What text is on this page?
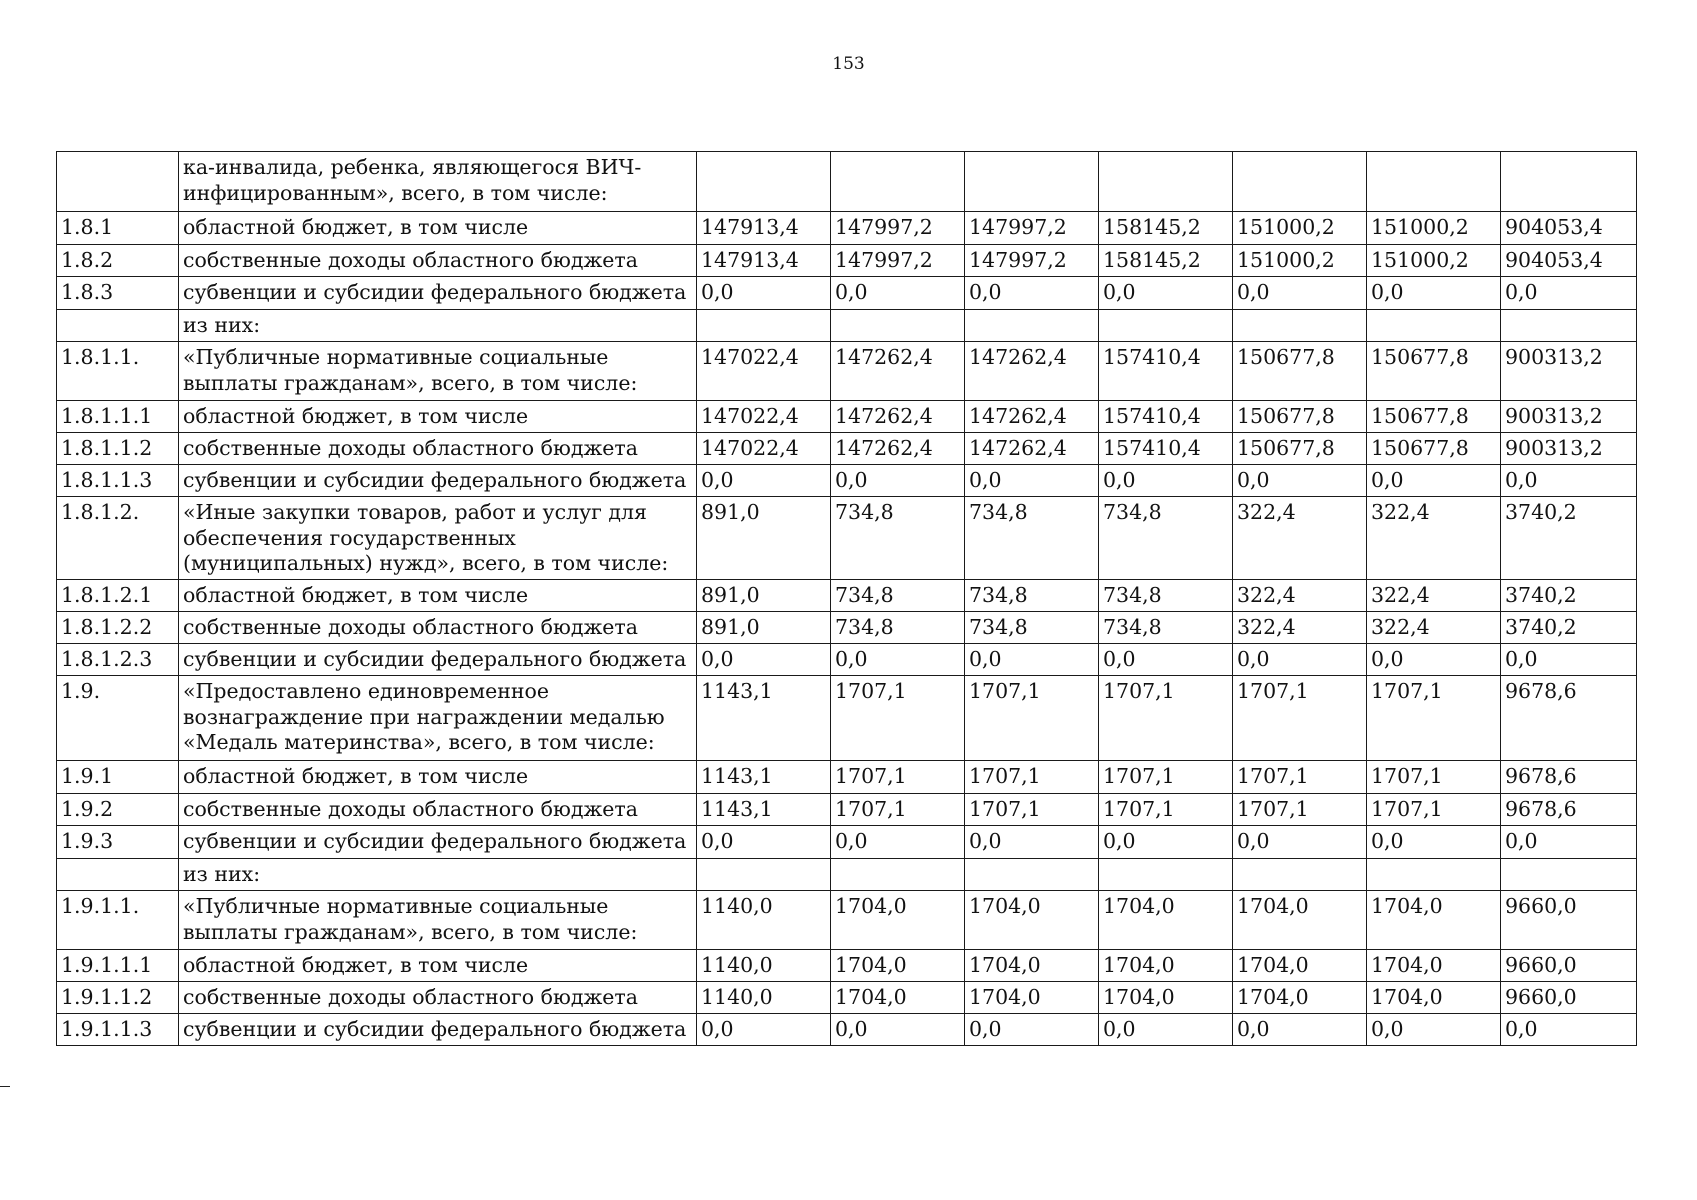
153
	ка-инвалида, ребенка, являющегося ВИЧ-инфицированным», всего, в том числе:							
1.8.1	областной бюджет, в том числе	147913,4	147997,2	147997,2	158145,2	151000,2	151000,2	904053,4
1.8.2	собственные доходы областного бюджета	147913,4	147997,2	147997,2	158145,2	151000,2	151000,2	904053,4
1.8.3	субвенции и субсидии федерального бюджета	0,0	0,0	0,0	0,0	0,0	0,0	0,0
	из них:							
1.8.1.1.	«Публичные нормативные социальные выплаты гражданам», всего, в том числе:	147022,4	147262,4	147262,4	157410,4	150677,8	150677,8	900313,2
1.8.1.1.1	областной бюджет, в том числе	147022,4	147262,4	147262,4	157410,4	150677,8	150677,8	900313,2
1.8.1.1.2	собственные доходы областного бюджета	147022,4	147262,4	147262,4	157410,4	150677,8	150677,8	900313,2
1.8.1.1.3	субвенции и субсидии федерального бюджета	0,0	0,0	0,0	0,0	0,0	0,0	0,0
1.8.1.2.	«Иные закупки товаров, работ и услуг для обеспечения государственных (муниципальных) нужд», всего, в том числе:	891,0	734,8	734,8	734,8	322,4	322,4	3740,2
1.8.1.2.1	областной бюджет, в том числе	891,0	734,8	734,8	734,8	322,4	322,4	3740,2
1.8.1.2.2	собственные доходы областного бюджета	891,0	734,8	734,8	734,8	322,4	322,4	3740,2
1.8.1.2.3	субвенции и субсидии федерального бюджета	0,0	0,0	0,0	0,0	0,0	0,0	0,0
1.9.	«Предоставлено единовременное вознаграждение при награждении медалью «Медаль материнства», всего, в том числе:	1143,1	1707,1	1707,1	1707,1	1707,1	1707,1	9678,6
1.9.1	областной бюджет, в том числе	1143,1	1707,1	1707,1	1707,1	1707,1	1707,1	9678,6
1.9.2	собственные доходы областного бюджета	1143,1	1707,1	1707,1	1707,1	1707,1	1707,1	9678,6
1.9.3	субвенции и субсидии федерального бюджета	0,0	0,0	0,0	0,0	0,0	0,0	0,0
	из них:							
1.9.1.1.	«Публичные нормативные социальные выплаты гражданам», всего, в том числе:	1140,0	1704,0	1704,0	1704,0	1704,0	1704,0	9660,0
1.9.1.1.1	областной бюджет, в том числе	1140,0	1704,0	1704,0	1704,0	1704,0	1704,0	9660,0
1.9.1.1.2	собственные доходы областного бюджета	1140,0	1704,0	1704,0	1704,0	1704,0	1704,0	9660,0
1.9.1.1.3	субвенции и субсидии федерального бюджета	0,0	0,0	0,0	0,0	0,0	0,0	0,0
